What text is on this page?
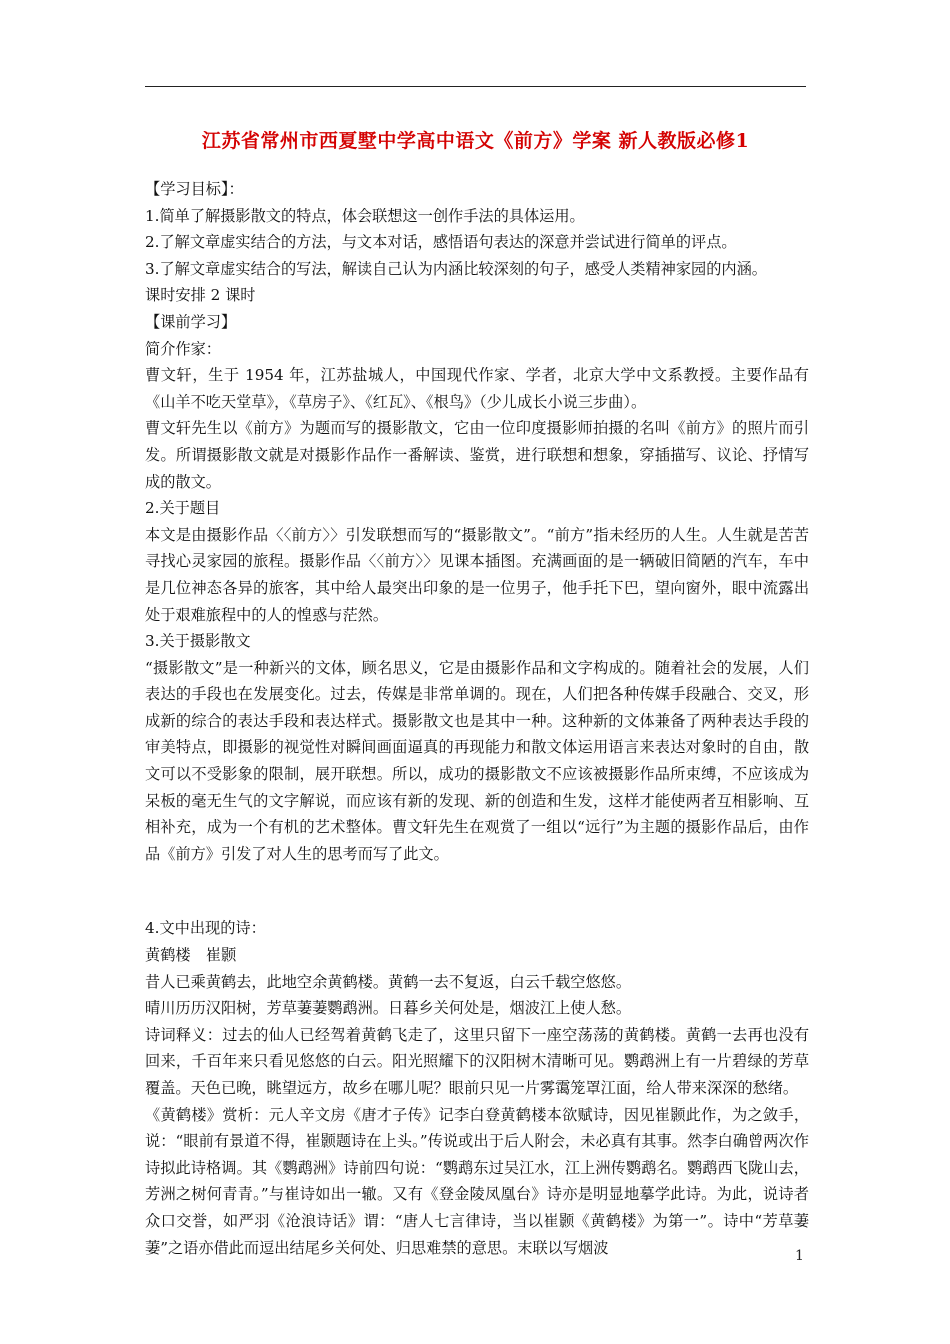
江苏省常州市西夏墅中学高中语文《前方》学案 新人教版必修1

【学习目标】：

1.简单了解摄影散文的特点，体会联想这一创作手法的具体运用。

2.了解文章虚实结合的方法，与文本对话，感悟语句表达的深意并尝试进行简单的评点。

3.了解文章虚实结合的写法，解读自己认为内涵比较深刻的句子，感受人类精神家园的内涵。

课时安排 2 课时

【课前学习】

简介作家：

曹文轩，生于 1954 年，江苏盐城人，中国现代作家、学者，北京大学中文系教授。主要作品有《山羊不吃天堂草》，《草房子》、《红瓦》、《根鸟》（少儿成长小说三步曲）。

曹文轩先生以《前方》为题而写的摄影散文，它由一位印度摄影师拍摄的名叫《前方》的照片而引发。所谓摄影散文就是对摄影作品作一番解读、鉴赏，进行联想和想象，穿插描写、议论、抒情写成的散文。

2.关于题目

本文是由摄影作品〈〈前方〉〉引发联想而写的“摄影散文”。“前方”指未经历的人生。人生就是苦苦寻找心灵家园的旅程。摄影作品〈〈前方〉〉见课本插图。充满画面的是一辆破旧简陋的汽车，车中是几位神态各异的旅客，其中给人最突出印象的是一位男子，他手托下巴，望向窗外，眼中流露出处于艰难旅程中的人的惶惑与茫然。

3.关于摄影散文

“摄影散文”是一种新兴的文体，顾名思义，它是由摄影作品和文字构成的。随着社会的发展，人们表达的手段也在发展变化。过去，传媒是非常单调的。现在，人们把各种传媒手段融合、交叉，形成新的综合的表达手段和表达样式。摄影散文也是其中一种。这种新的文体兼备了两种表达手段的审美特点，即摄影的视觉性对瞬间画面逼真的再现能力和散文体运用语言来表达对象时的自由，散文可以不受影象的限制，展开联想。所以，成功的摄影散文不应该被摄影作品所束缚，不应该成为呆板的毫无生气的文字解说，而应该有新的发现、新的创造和生发，这样才能使两者互相影响、互相补充，成为一个有机的艺术整体。曹文轩先生在观赏了一组以“远行”为主题的摄影作品后，由作品《前方》引发了对人生的思考而写了此文。

4.文中出现的诗：

黄鹤楼　崔颢

昔人已乘黄鹤去，此地空余黄鹤楼。黄鹤一去不复返，白云千载空悠悠。

晴川历历汉阳树，芳草萋萋鹦鹉洲。日暮乡关何处是，烟波江上使人愁。

诗词释义：过去的仙人已经驾着黄鹤飞走了，这里只留下一座空荡荡的黄鹤楼。黄鹤一去再也没有回来，千百年来只看见悠悠的白云。阳光照耀下的汉阳树木清晰可见。鹦鹉洲上有一片碧绿的芳草覆盖。天色已晚，眺望远方，故乡在哪儿呢？眼前只见一片雾霭笼罩江面，给人带来深深的愁绪。

《黄鹤楼》赏析：元人辛文房《唐才子传》记李白登黄鹤楼本欲赋诗，因见崔颢此作，为之敛手，说：“眼前有景道不得，崔颢题诗在上头。”传说或出于后人附会，未必真有其事。然李白确曾两次作诗拟此诗格调。其《鹦鹉洲》诗前四句说：“鹦鹉东过吴江水，江上洲传鹦鹉名。鹦鹉西飞陇山去，芳洲之树何青青。”与崔诗如出一辙。又有《登金陵凤凰台》诗亦是明显地摹学此诗。为此，说诗者众口交誉，如严羽《沧浪诗话》谓：“唐人七言律诗，当以崔颢《黄鹤楼》为第一”。诗中“芳草萋萋”之语亦借此而逗出结尾乡关何处、归思难禁的意思。末联以写烟波	1
